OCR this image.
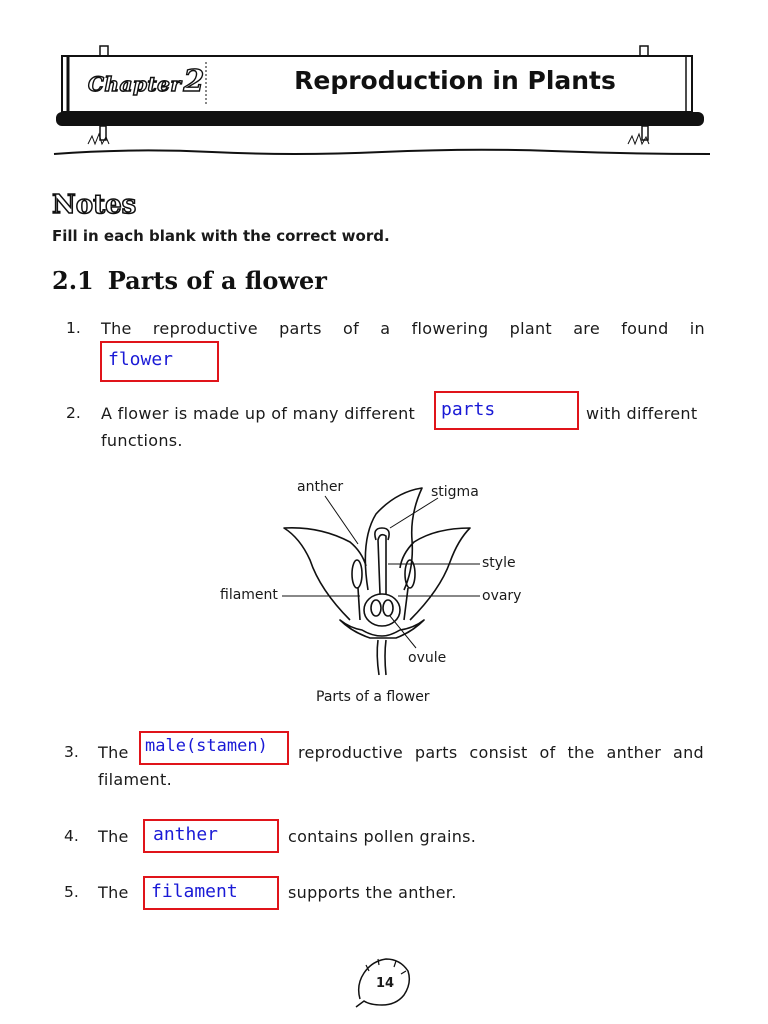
Chapter2	Reproduction in Plants
Notes
Fill in each blank with the correct word.
2.1 Parts of a flower
1. The reproductive parts of a flowering plant are found in
flower
2. A flower is made up of many different parts	with different
functions.
anther	stigma
style
filament	ovary
ovule
Parts of a flower
3. The male(stamen) reproductive parts consist of the anther and
filament.
4. The anther	contains pollen grains.
5. The filament	supports the anther.
14
